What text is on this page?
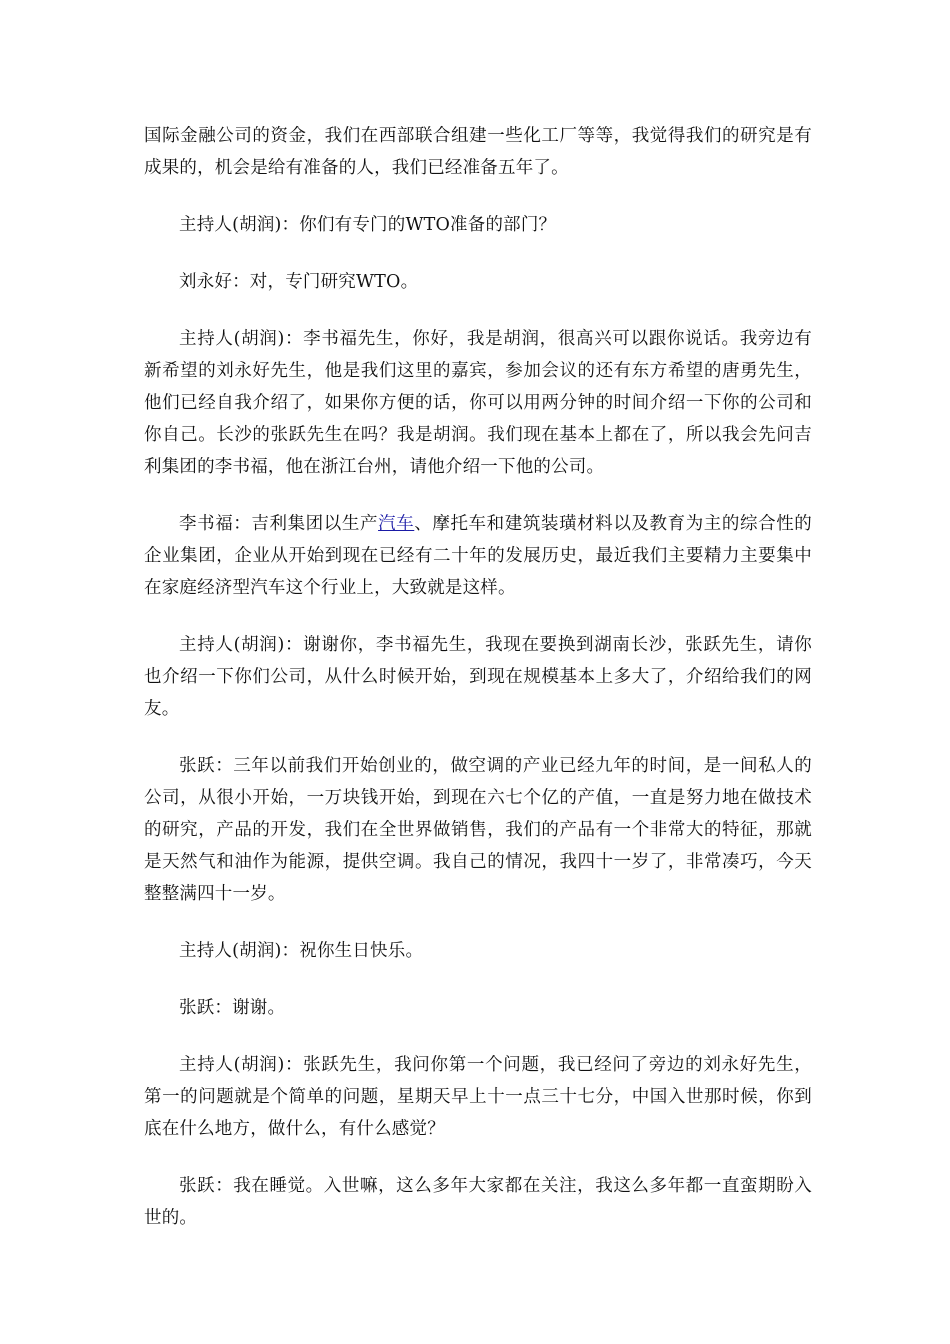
国际金融公司的资金，我们在西部联合组建一些化工厂等等，我觉得我们的研究是有成果的，机会是给有准备的人，我们已经准备五年了。

主持人(胡润)：你们有专门的WTO准备的部门？

刘永好：对，专门研究WTO。

主持人(胡润)：李书福先生，你好，我是胡润，很高兴可以跟你说话。我旁边有新希望的刘永好先生，他是我们这里的嘉宾，参加会议的还有东方希望的唐勇先生，他们已经自我介绍了，如果你方便的话，你可以用两分钟的时间介绍一下你的公司和你自己。长沙的张跃先生在吗？我是胡润。我们现在基本上都在了，所以我会先问吉利集团的李书福，他在浙江台州，请他介绍一下他的公司。

李书福：吉利集团以生产汽车、摩托车和建筑装璜材料以及教育为主的综合性的企业集团，企业从开始到现在已经有二十年的发展历史，最近我们主要精力主要集中在家庭经济型汽车这个行业上，大致就是这样。

主持人(胡润)：谢谢你，李书福先生，我现在要换到湖南长沙，张跃先生，请你也介绍一下你们公司，从什么时候开始，到现在规模基本上多大了，介绍给我们的网友。

张跃：三年以前我们开始创业的，做空调的产业已经九年的时间，是一间私人的公司，从很小开始，一万块钱开始，到现在六七个亿的产值，一直是努力地在做技术的研究，产品的开发，我们在全世界做销售，我们的产品有一个非常大的特征，那就是天然气和油作为能源，提供空调。我自己的情况，我四十一岁了，非常凑巧，今天整整满四十一岁。

主持人(胡润)：祝你生日快乐。

张跃：谢谢。

主持人(胡润)：张跃先生，我问你第一个问题，我已经问了旁边的刘永好先生，第一的问题就是个简单的问题，星期天早上十一点三十七分，中国入世那时候，你到底在什么地方，做什么，有什么感觉？

张跃：我在睡觉。入世嘛，这么多年大家都在关注，我这么多年都一直蛮期盼入世的。
